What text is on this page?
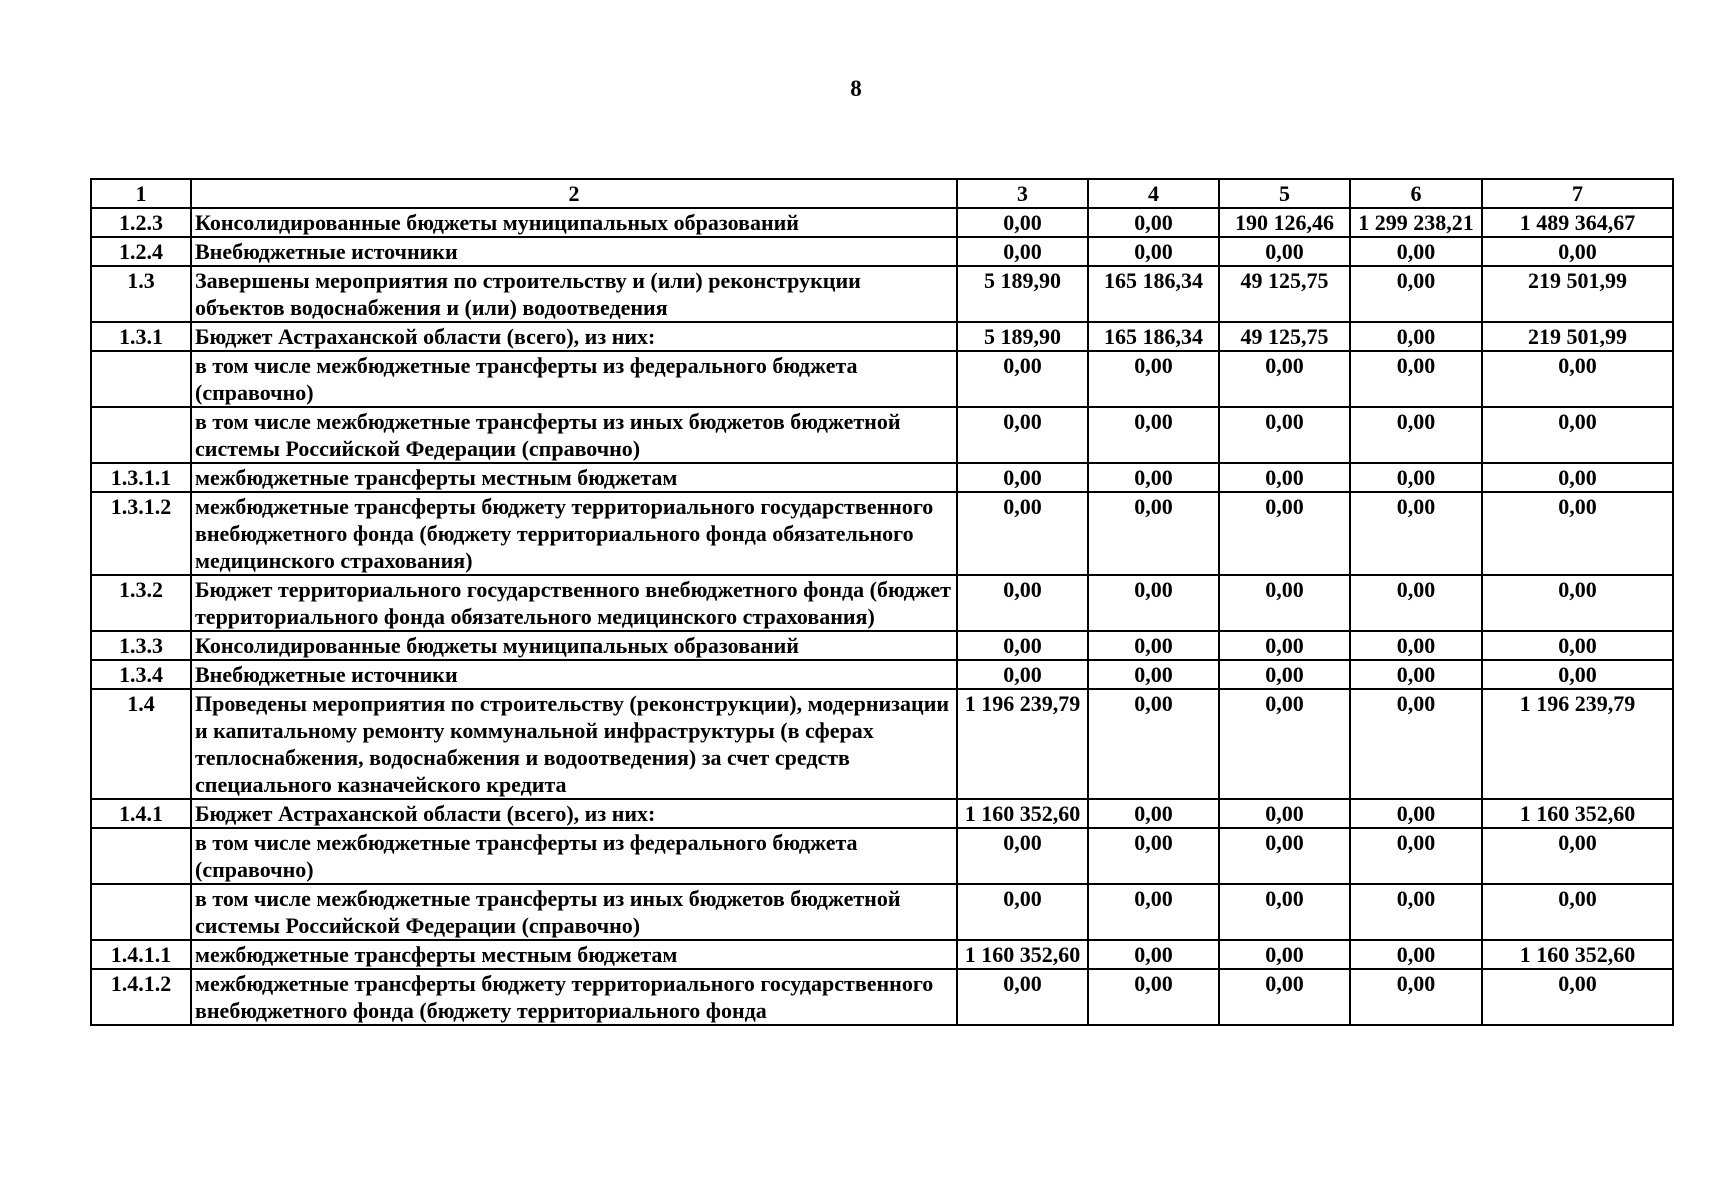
8
1	2	3	4	5	6	7
1.2.3	Консолидированные бюджеты муниципальных образований	0,00	0,00	190 126,46	1 299 238,21	1 489 364,67
1.2.4	Внебюджетные источники	0,00	0,00	0,00	0,00	0,00
1.3	Завершены мероприятия по строительству и (или) реконструкции объектов водоснабжения и (или) водоотведения	5 189,90	165 186,34	49 125,75	0,00	219 501,99
1.3.1	Бюджет Астраханской области (всего), из них:	5 189,90	165 186,34	49 125,75	0,00	219 501,99
	в том числе межбюджетные трансферты из федерального бюджета (справочно)	0,00	0,00	0,00	0,00	0,00
	в том числе межбюджетные трансферты из иных бюджетов бюджетной системы Российской Федерации (справочно)	0,00	0,00	0,00	0,00	0,00
1.3.1.1	межбюджетные трансферты местным бюджетам	0,00	0,00	0,00	0,00	0,00
1.3.1.2	межбюджетные трансферты бюджету территориального государственного внебюджетного фонда (бюджету территориального фонда обязательного медицинского страхования)	0,00	0,00	0,00	0,00	0,00
1.3.2	Бюджет территориального государственного внебюджетного фонда (бюджет территориального фонда обязательного медицинского страхования)	0,00	0,00	0,00	0,00	0,00
1.3.3	Консолидированные бюджеты муниципальных образований	0,00	0,00	0,00	0,00	0,00
1.3.4	Внебюджетные источники	0,00	0,00	0,00	0,00	0,00
1.4	Проведены мероприятия по строительству (реконструкции), модернизации и капитальному ремонту коммунальной инфраструктуры (в сферах теплоснабжения, водоснабжения и водоотведения) за счет средств специального казначейского кредита	1 196 239,79	0,00	0,00	0,00	1 196 239,79
1.4.1	Бюджет Астраханской области (всего), из них:	1 160 352,60	0,00	0,00	0,00	1 160 352,60
	в том числе межбюджетные трансферты из федерального бюджета (справочно)	0,00	0,00	0,00	0,00	0,00
	в том числе межбюджетные трансферты из иных бюджетов бюджетной системы Российской Федерации (справочно)	0,00	0,00	0,00	0,00	0,00
1.4.1.1	межбюджетные трансферты местным бюджетам	1 160 352,60	0,00	0,00	0,00	1 160 352,60
1.4.1.2	межбюджетные трансферты бюджету территориального государственного внебюджетного фонда (бюджету территориального фонда	0,00	0,00	0,00	0,00	0,00
